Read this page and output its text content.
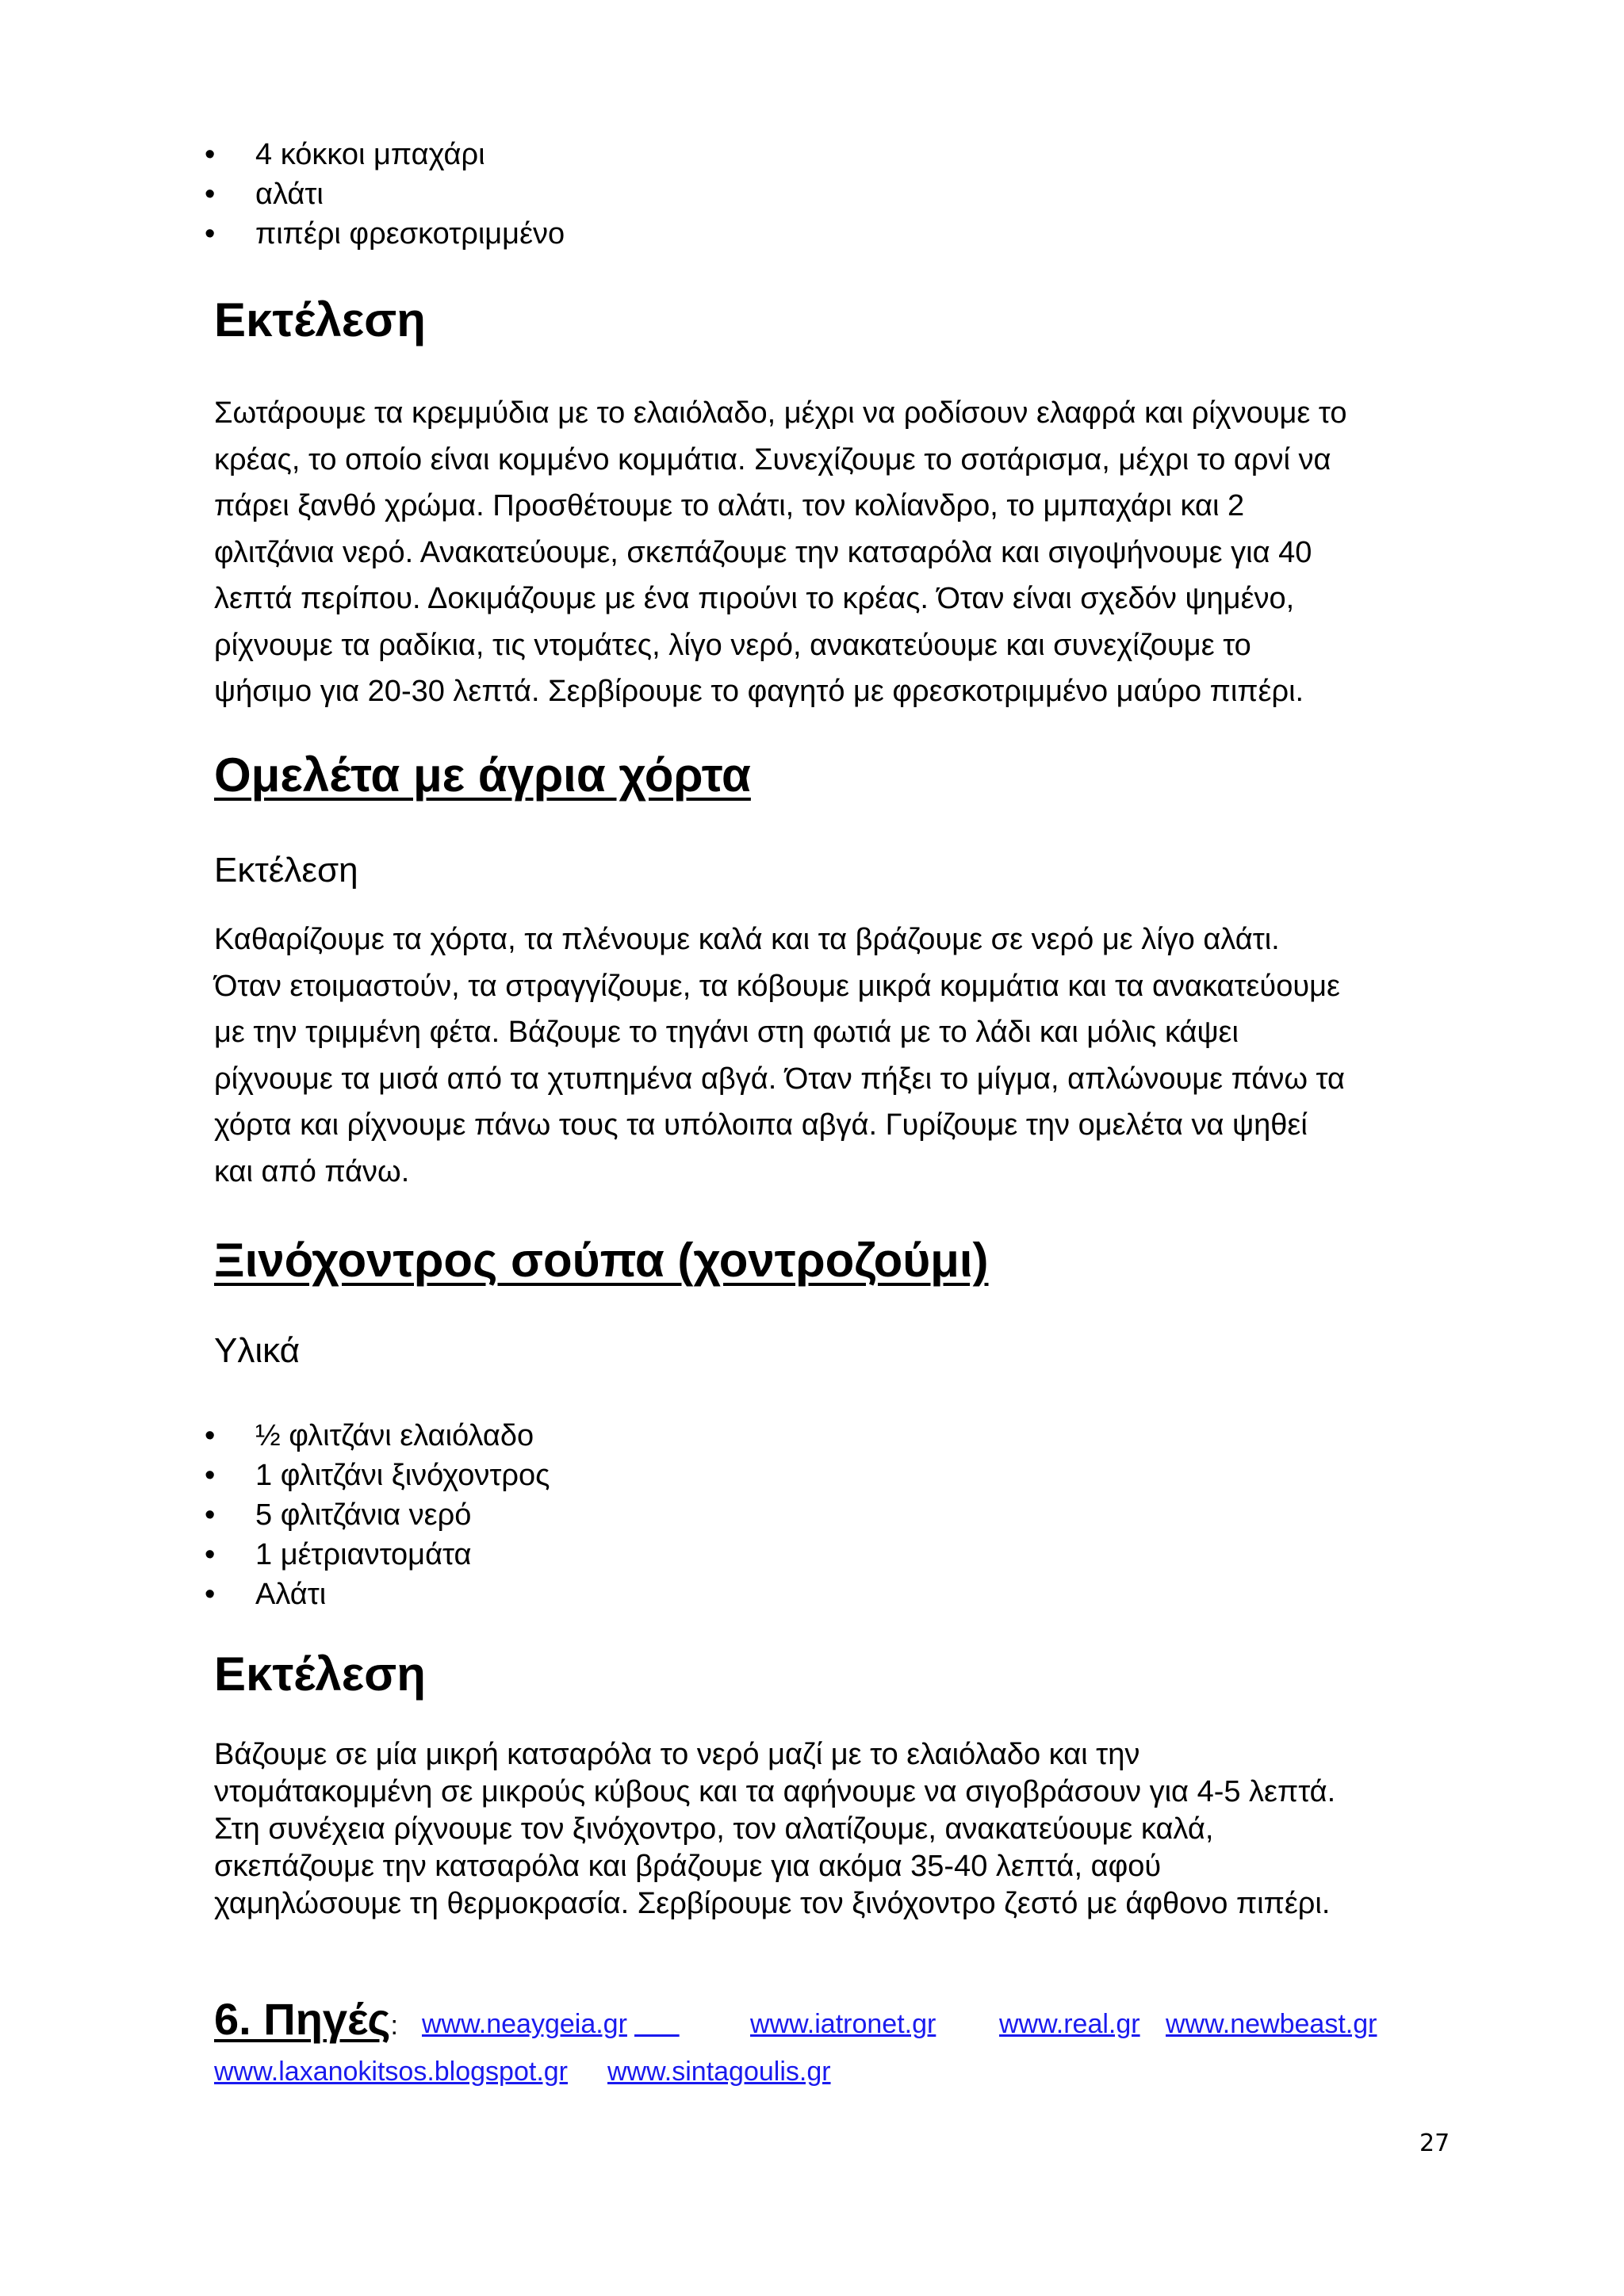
• 4 κόκκοι μπαχάρι
• αλάτι
• πιπέρι φρεσκοτριμμένο
Εκτέλεση
Σωτάρουμε τα κρεμμύδια με το ελαιόλαδο, μέχρι να ροδίσουν ελαφρά και ρίχνουμε το
κρέας, το οποίο είναι κομμένο κομμάτια. Συνεχίζουμε το σοτάρισμα, μέχρι το αρνί να
πάρει ξανθό χρώμα. Προσθέτουμε το αλάτι, τον κολίανδρο, το μμπαχάρι και 2
φλιτζάνια νερό. Ανακατεύουμε, σκεπάζουμε την κατσαρόλα και σιγοψήνουμε για 40
λεπτά περίπου. Δοκιμάζουμε με ένα πιρούνι το κρέας. Όταν είναι σχεδόν ψημένο,
ρίχνουμε τα ραδίκια, τις ντομάτες, λίγο νερό, ανακατεύουμε και συνεχίζουμε το
ψήσιμο για 20-30 λεπτά. Σερβίρουμε το φαγητό με φρεσκοτριμμένο μαύρο πιπέρι.
Ομελέτα με άγρια χόρτα
Εκτέλεση
Καθαρίζουμε τα χόρτα, τα πλένουμε καλά και τα βράζουμε σε νερό με λίγο αλάτι.
Όταν ετοιμαστούν, τα στραγγίζουμε, τα κόβουμε μικρά κομμάτια και τα ανακατεύουμε
με την τριμμένη φέτα. Βάζουμε το τηγάνι στη φωτιά με το λάδι και μόλις κάψει
ρίχνουμε τα μισά από τα χτυπημένα αβγά. Όταν πήξει το μίγμα, απλώνουμε πάνω τα
χόρτα και ρίχνουμε πάνω τους τα υπόλοιπα αβγά. Γυρίζουμε την ομελέτα να ψηθεί
και από πάνω.
Ξινόχοντρος σούπα (χοντροζούμι)
Υλικά
• ½ φλιτζάνι ελαιόλαδο
• 1 φλιτζάνι ξινόχοντρος
• 5 φλιτζάνια νερό
• 1 μέτριαντομάτα
• Αλάτι
Εκτέλεση
Βάζουμε σε μία μικρή κατσαρόλα το νερό μαζί με το ελαιόλαδο και την
ντομάτακομμένη σε μικρούς κύβους και τα αφήνουμε να σιγοβράσουν για 4-5 λεπτά.
Στη συνέχεια ρίχνουμε τον ξινόχοντρο, τον αλατίζουμε, ανακατεύουμε καλά,
σκεπάζουμε την κατσαρόλα και βράζουμε για ακόμα 35-40 λεπτά, αφού
χαμηλώσουμε τη θερμοκρασία. Σερβίρουμε τον ξινόχοντρο ζεστό με άφθονο πιπέρι.
6. Πηγές: www.neaygeia.gr
	www.iatronet.gr www.real.gr www.newbeast.gr
www.laxanokitsos.blogspot.gr www.sintagoulis.gr
27
